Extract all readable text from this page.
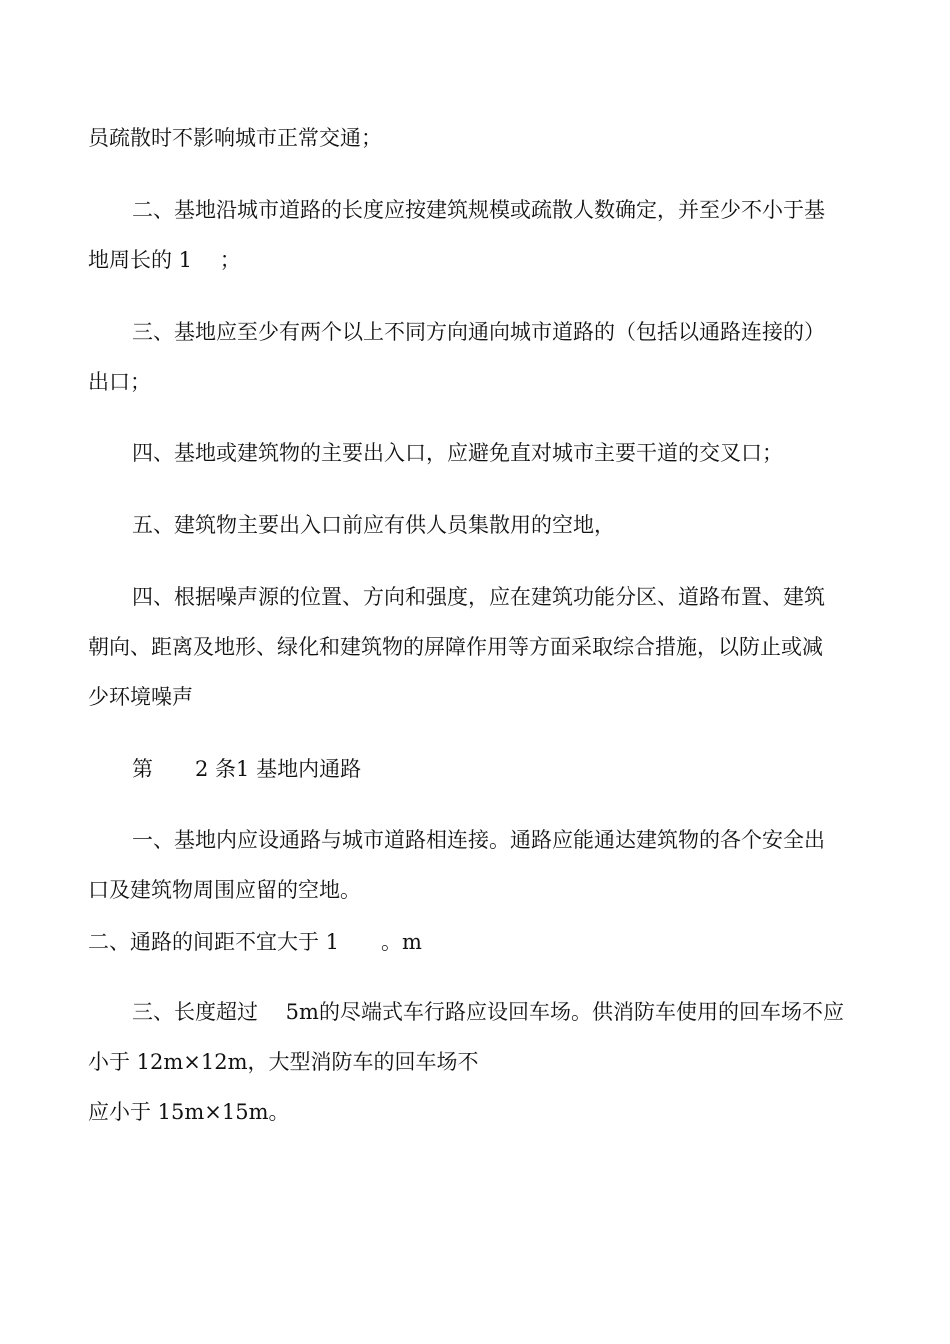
员疏散时不影响城市正常交通；
二、基地沿城市道路的长度应按建筑规模或疏散人数确定，并至少不小于基
地周长的 1　 ；
三、基地应至少有两个以上不同方向通向城市道路的（包括以通路连接的）
出口；
四、基地或建筑物的主要出入口，应避免直对城市主要干道的交叉口；
五、建筑物主要出入口前应有供人员集散用的空地，
四、根据噪声源的位置、方向和强度，应在建筑功能分区、道路布置、建筑
朝向、距离及地形、绿化和建筑物的屏障作用等方面采取综合措施，以防止或减
少环境噪声
第　　2 条1 基地内通路
一、基地内应设通路与城市道路相连接。通路应能通达建筑物的各个安全出
口及建筑物周围应留的空地。
二、通路的间距不宜大于 1　　。m
三、长度超过　 5m的尽端式车行路应设回车场。供消防车使用的回车场不应
小于 12m×12m，大型消防车的回车场不
应小于 15m×15m。
